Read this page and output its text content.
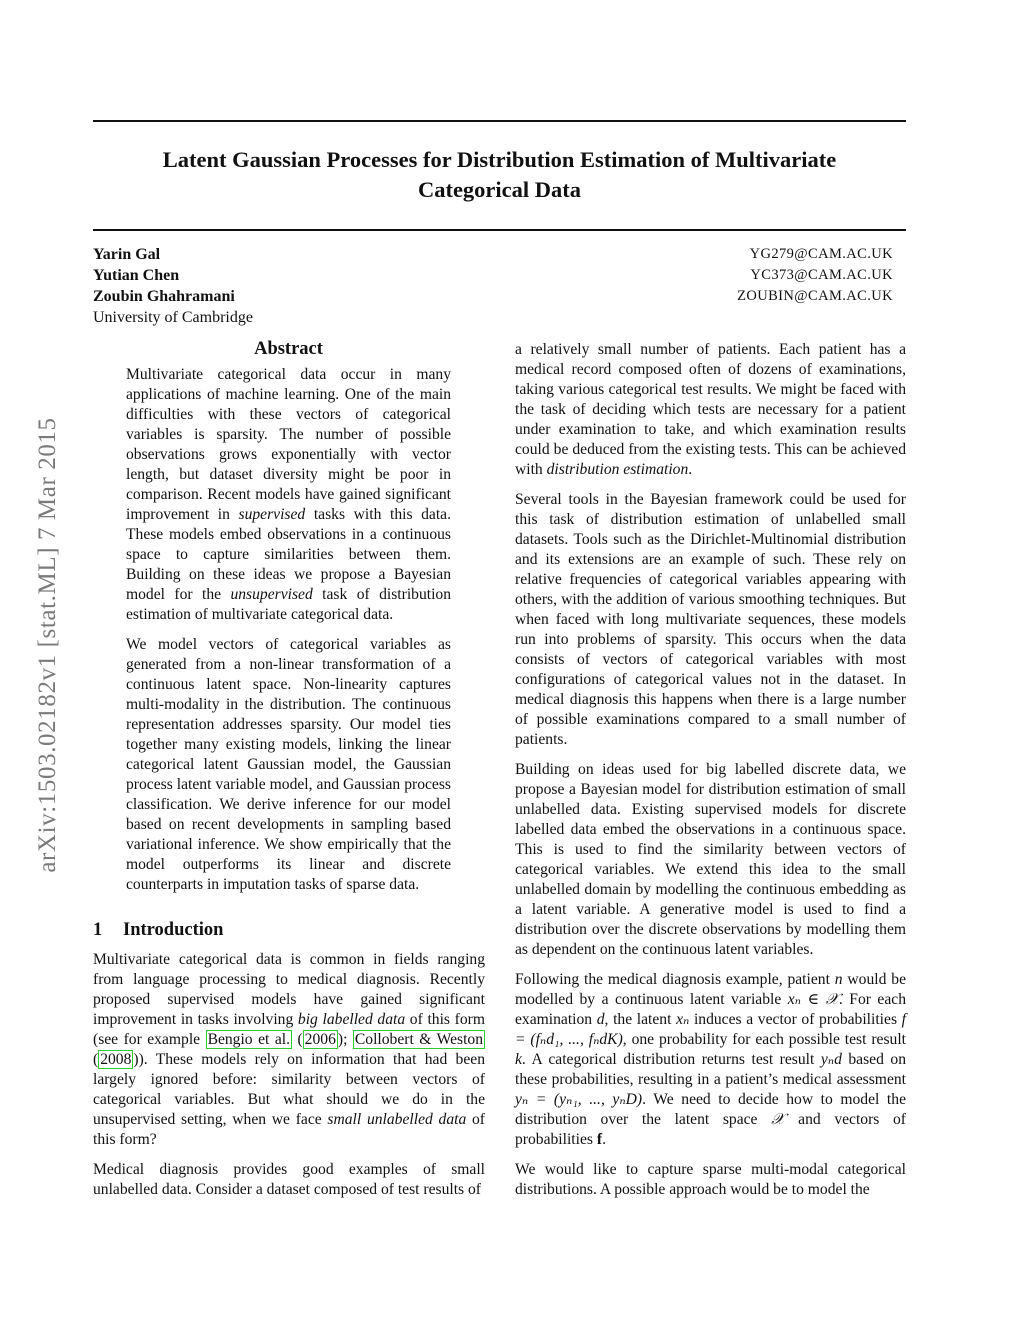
arXiv:1503.02182v1 [stat.ML] 7 Mar 2015
Latent Gaussian Processes for Distribution Estimation of Multivariate
Categorical Data
Yarin Gal	YG279@CAM.AC.UK
Yutian Chen	YC373@CAM.AC.UK
Zoubin Ghahramani	ZOUBIN@CAM.AC.UK
University of Cambridge
Abstract

Multivariate categorical data occur in many applications of machine learning. One of the main difficulties with these vectors of categorical variables is sparsity. The number of possible observations grows exponentially with vector length, but dataset diversity might be poor in comparison. Recent models have gained significant improvement in supervised tasks with this data. These models embed observations in a continuous space to capture similarities between them. Building on these ideas we propose a Bayesian model for the unsupervised task of distribution estimation of multivariate categorical data.

We model vectors of categorical variables as generated from a non-linear transformation of a continuous latent space. Non-linearity captures multi-modality in the distribution. The continuous representation addresses sparsity. Our model ties together many existing models, linking the linear categorical latent Gaussian model, the Gaussian process latent variable model, and Gaussian process classification. We derive inference for our model based on recent developments in sampling based variational inference. We show empirically that the model outperforms its linear and discrete counterparts in imputation tasks of sparse data.

1 Introduction

Multivariate categorical data is common in fields ranging from language processing to medical diagnosis. Recently proposed supervised models have gained significant improvement in tasks involving big labelled data of this form (see for example Bengio et al. ( 2006 ); Collobert & Weston ( 2008 )). These models rely on information that had been largely ignored before: similarity between vectors of categorical variables. But what should we do in the unsupervised setting, when we face small unlabelled data of this form?

Medical diagnosis provides good examples of small unlabelled data. Consider a dataset composed of test results of

a relatively small number of patients. Each patient has a medical record composed often of dozens of examinations, taking various categorical test results. We might be faced with the task of deciding which tests are necessary for a patient under examination to take, and which examination results could be deduced from the existing tests. This can be achieved with distribution estimation.

Several tools in the Bayesian framework could be used for this task of distribution estimation of unlabelled small datasets. Tools such as the Dirichlet-Multinomial distribution and its extensions are an example of such. These rely on relative frequencies of categorical variables appearing with others, with the addition of various smoothing techniques. But when faced with long multivariate sequences, these models run into problems of sparsity. This occurs when the data consists of vectors of categorical variables with most configurations of categorical values not in the dataset. In medical diagnosis this happens when there is a large number of possible examinations compared to a small number of patients.

Building on ideas used for big labelled discrete data, we propose a Bayesian model for distribution estimation of small unlabelled data. Existing supervised models for discrete labelled data embed the observations in a continuous space. This is used to find the similarity between vectors of categorical variables. We extend this idea to the small unlabelled domain by modelling the continuous embedding as a latent variable. A generative model is used to find a distribution over the discrete observations by modelling them as dependent on the continuous latent variables.

Following the medical diagnosis example, patient n would be modelled by a continuous latent variable xₙ ∈ 𝒳. For each examination d, the latent xₙ induces a vector of probabilities f = (fₙd₁, ..., fₙdK), one probability for each possible test result k. A categorical distribution returns test result yₙd based on these probabilities, resulting in a patient’s medical assessment yₙ = (yₙ₁, ..., yₙD). We need to decide how to model the distribution over the latent space 𝒳 and vectors of probabilities f.

We would like to capture sparse multi-modal categorical distributions. A possible approach would be to model the
